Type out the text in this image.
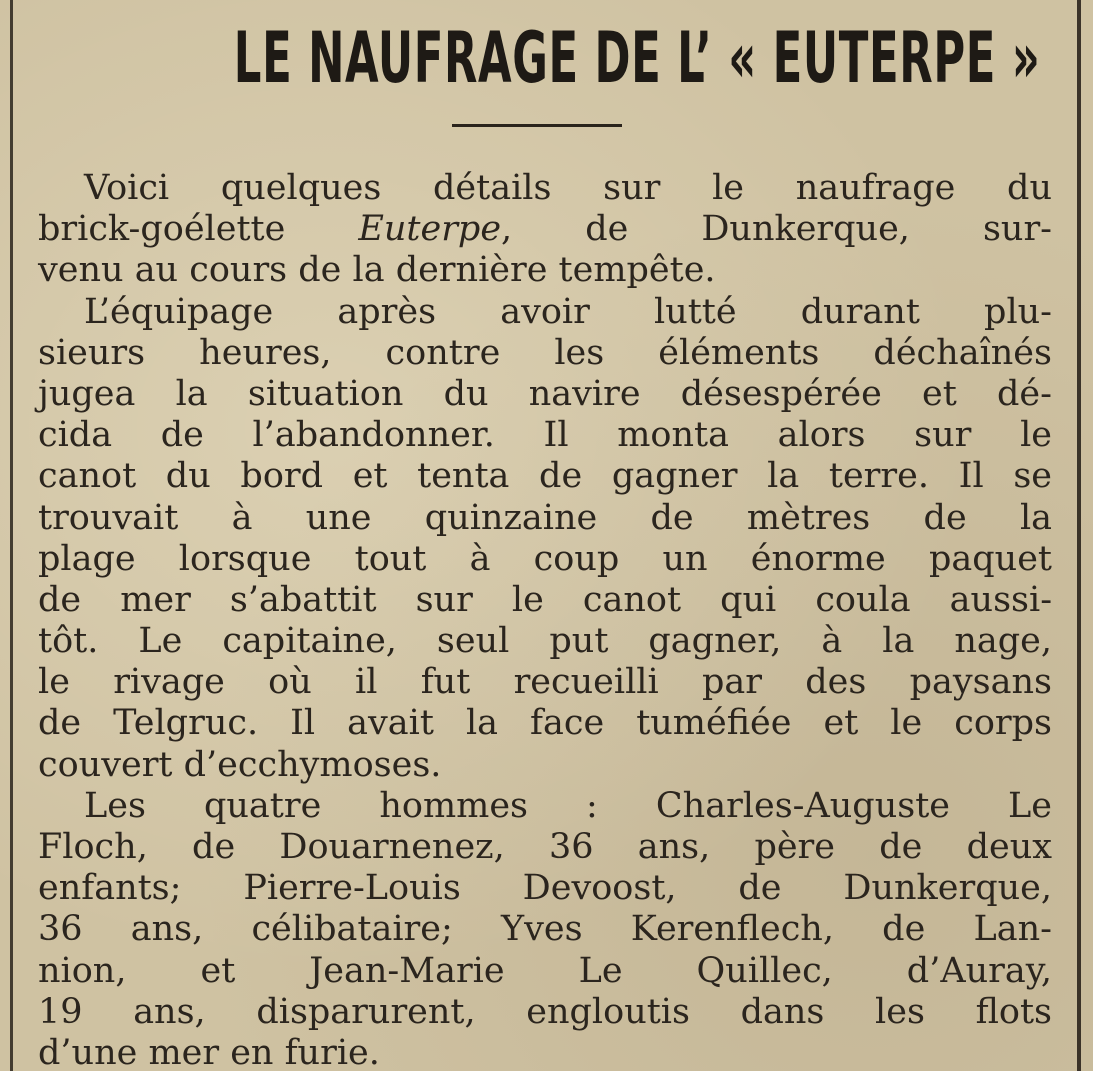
LE NAUFRAGE DE L’ « EUTERPE »
Voici quelques détails sur le naufrage du
brick-goélette Euterpe, de Dunkerque, sur-
venu au cours de la dernière tempête.
L’équipage après avoir lutté durant plu-
sieurs heures, contre les éléments déchaînés
jugea la situation du navire désespérée et dé-
cida de l’abandonner. Il monta alors sur le
canot du bord et tenta de gagner la terre. Il se
trouvait à une quinzaine de mètres de la
plage lorsque tout à coup un énorme paquet
de mer s’abattit sur le canot qui coula aussi-
tôt. Le capitaine, seul put gagner, à la nage,
le rivage où il fut recueilli par des paysans
de Telgruc. Il avait la face tuméfiée et le corps
couvert d’ecchymoses.
Les quatre hommes : Charles-Auguste Le
Floch, de Douarnenez, 36 ans, père de deux
enfants; Pierre-Louis Devoost, de Dunkerque,
36 ans, célibataire; Yves Kerenflech, de Lan-
nion, et Jean-Marie Le Quillec, d’Auray,
19 ans, disparurent, engloutis dans les flots
d’une mer en furie.
